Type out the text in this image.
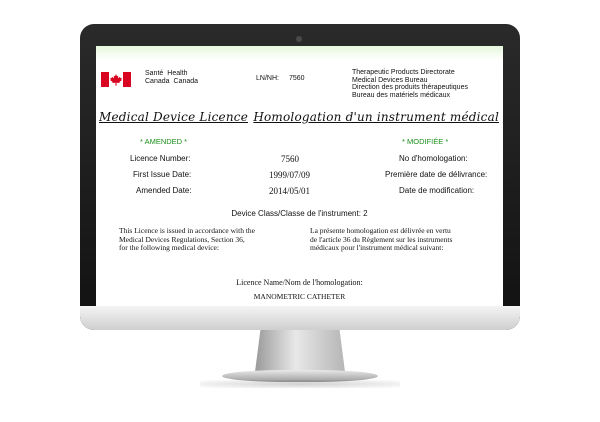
Santé Health
Canada Canada	LN/NH: 7560
Therapeutic Products Directorate
Medical Devices Bureau
Direction des produits thérapeutiques
Bureau des matériels médicaux
Medical Device Licence Homologation d'un instrument médical
* AMENDED *	* MODIFIÉE *
Licence Number:	7560	No d'homologation:
First Issue Date:	1999/07/09	Première date de délivrance:
Amended Date:	2014/05/01	Date de modification:
Device Class/Classe de l'instrument: 2
This Licence is issued in accordance with the
Medical Devices Regulations, Section 36,
for the following medical device:
La présente homologation est délivrée en vertu
de l'article 36 du Règlement sur les instruments
médicaux pour l'instrument médical suivant:
Licence Name/Nom de l'homologation:
MANOMETRIC CATHETER
